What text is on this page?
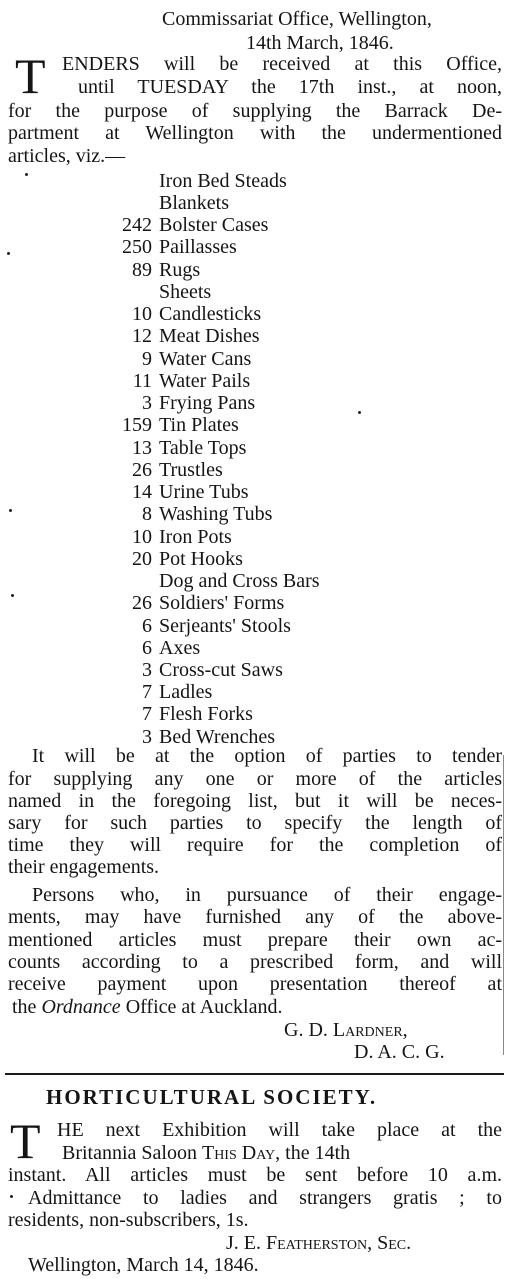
Commissariat Office, Wellington,
14th March, 1846.
T ENDERS will be received at this Office,
until TUESDAY the 17th inst., at noon,
for the purpose of supplying the Barrack De-
partment at Wellington with the undermentioned
articles, viz.—
Iron Bed Steads
Blankets
242 Bolster Cases
250 Paillasses
89 Rugs
Sheets
10 Candlesticks
12 Meat Dishes
9 Water Cans
11 Water Pails
3 Frying Pans
159 Tin Plates
13 Table Tops
26 Trustles
14 Urine Tubs
8 Washing Tubs
10 Iron Pots
20 Pot Hooks
Dog and Cross Bars
26 Soldiers' Forms
6 Serjeants' Stools
6 Axes
3 Cross-cut Saws
7 Ladles
7 Flesh Forks
3 Bed Wrenches
It will be at the option of parties to tender
for supplying any one or more of the articles
named in the foregoing list, but it will be neces-
sary for such parties to specify the length of
time they will require for the completion of
their engagements.
Persons who, in pursuance of their engage-
ments, may have furnished any of the above-
mentioned articles must prepare their own ac-
counts according to a prescribed form, and will
receive payment upon presentation thereof at
the Ordnance Office at Auckland.
G. D. Lardner,
D. A. C. G.
HORTICULTURAL SOCIETY.
T HE next Exhibition will take place at the
Britannia Saloon This Day, the 14th
instant. All articles must be sent before 10 a.m.
Admittance to ladies and strangers gratis ; to
residents, non-subscribers, 1s.
J. E. Featherston, Sec.
Wellington, March 14, 1846.
